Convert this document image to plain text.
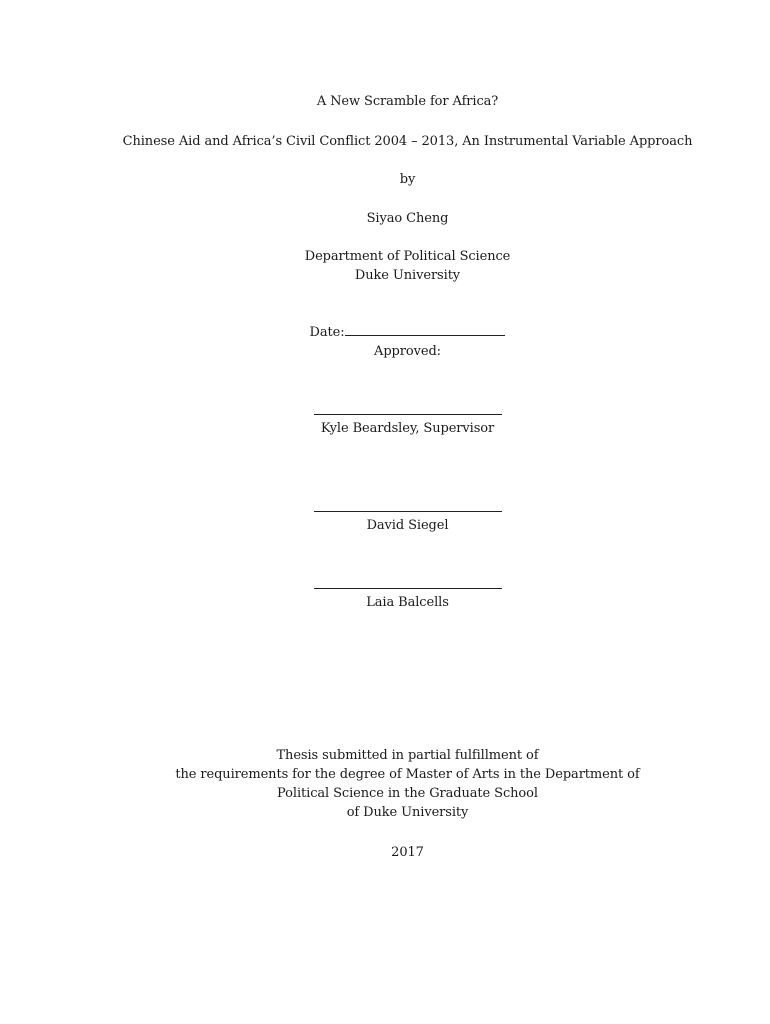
A New Scramble for Africa?
Chinese Aid and Africa’s Civil Conflict 2004 – 2013, An Instrumental Variable Approach
by
Siyao Cheng
Department of Political Science
Duke University
Date:
Approved:
Kyle Beardsley, Supervisor
David Siegel
Laia Balcells
Thesis submitted in partial fulfillment of
the requirements for the degree of Master of Arts in the Department of
Political Science in the Graduate School
of Duke University
2017
